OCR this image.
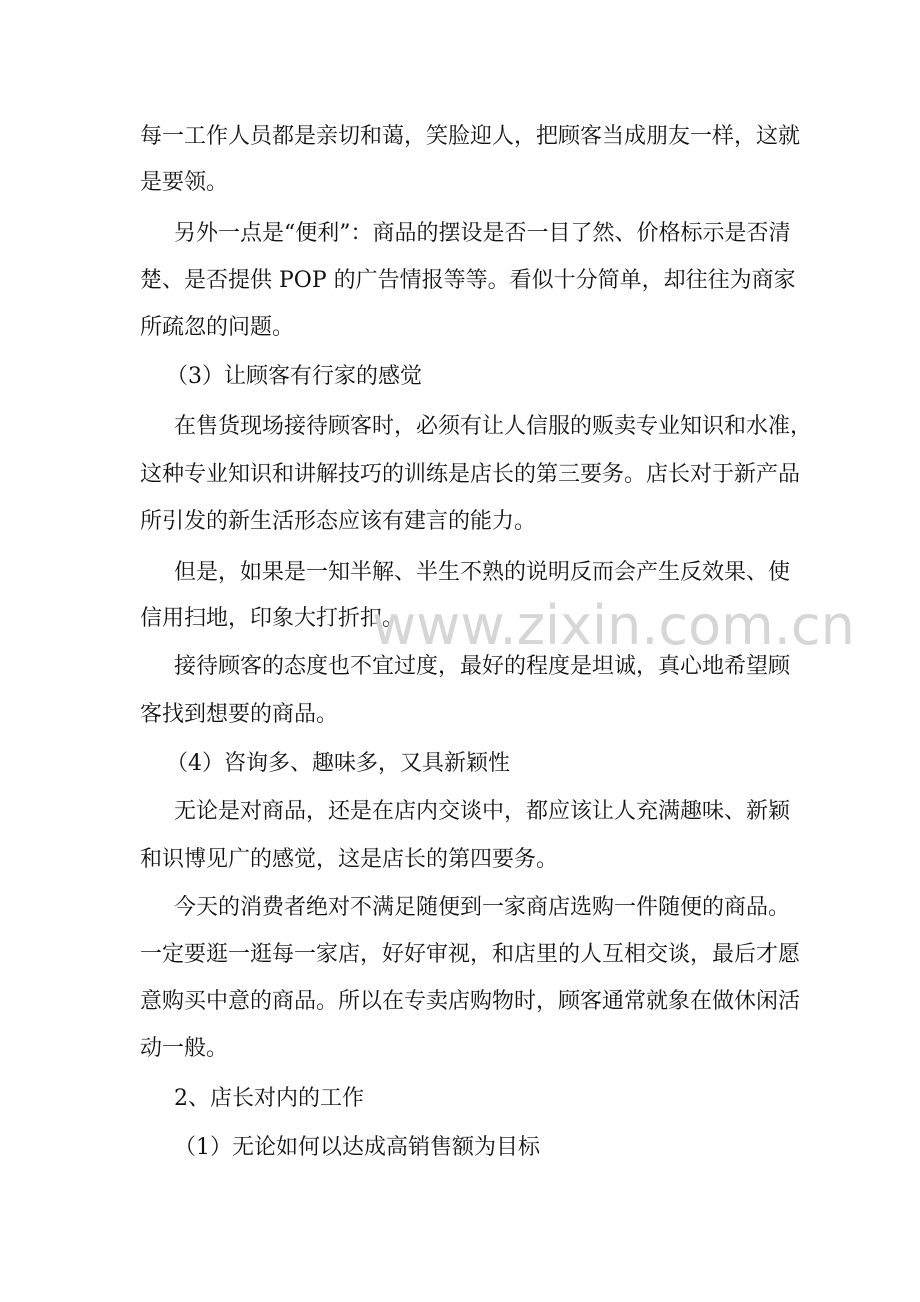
每一工作人员都是亲切和蔼，笑脸迎人，把顾客当成朋友一样，这就
是要领。
另外一点是“便利”：商品的摆设是否一目了然、价格标示是否清
楚、是否提供 POP 的广告情报等等。看似十分简单，却往往为商家
所疏忽的问题。
（3）让顾客有行家的感觉
在售货现场接待顾客时，必须有让人信服的贩卖专业知识和水准，
这种专业知识和讲解技巧的训练是店长的第三要务。店长对于新产品
所引发的新生活形态应该有建言的能力。
但是，如果是一知半解、半生不熟的说明反而会产生反效果、使
信用扫地，印象大打折扣。
接待顾客的态度也不宜过度，最好的程度是坦诚，真心地希望顾
客找到想要的商品。
（4）咨询多、趣味多，又具新颖性
无论是对商品，还是在店内交谈中，都应该让人充满趣味、新颖
和识博见广的感觉，这是店长的第四要务。
今天的消费者绝对不满足随便到一家商店选购一件随便的商品。
一定要逛一逛每一家店，好好审视，和店里的人互相交谈，最后才愿
意购买中意的商品。所以在专卖店购物时，顾客通常就象在做休闲活
动一般。
2、店长对内的工作
（1）无论如何以达成高销售额为目标
www.zixin.com.cn
